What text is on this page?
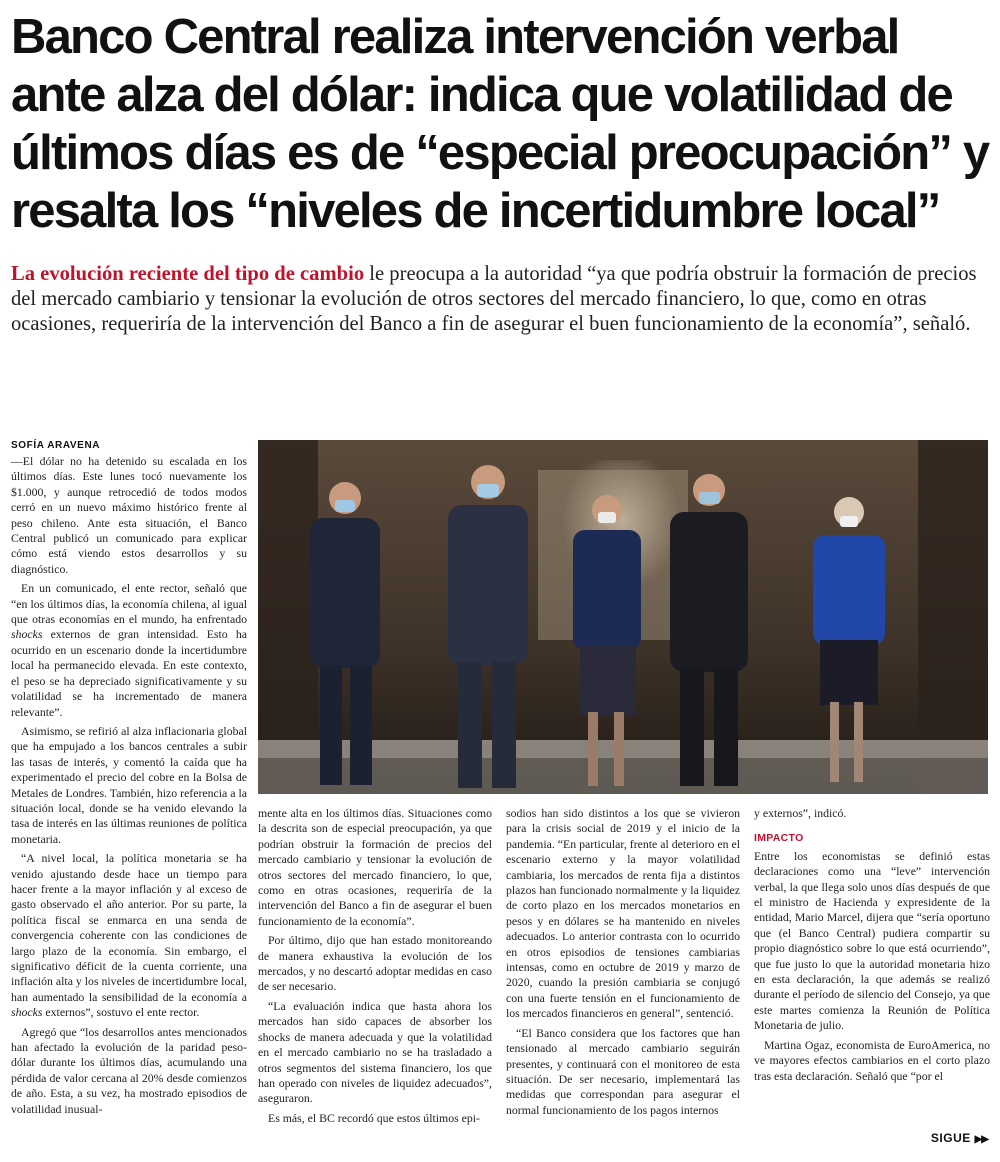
Banco Central realiza intervención verbal
ante alza del dólar: indica que volatilidad de
últimos días es de “especial preocupación” y
resalta los “niveles de incertidumbre local”

La evolución reciente del tipo de cambio le preocupa a la autoridad “ya que podría obstruir la formación de precios del mercado cambiario y tensionar la evolución de otros sectores del mercado financiero, lo que, como en otras ocasiones, requeriría de la intervención del Banco a fin de asegurar el buen funcionamiento de la economía”, señaló.

SOFÍA ARAVENA

—El dólar no ha detenido su escalada en los últimos días. Este lunes tocó nuevamente los $1.000, y aunque retrocedió de todos modos cerró en un nuevo máximo histórico frente al peso chileno. Ante esta situación, el Banco Central publicó un comunicado para explicar cómo está viendo estos desarrollos y su diagnóstico.

En un comunicado, el ente rector, señaló que “en los últimos días, la economía chilena, al igual que otras economías en el mundo, ha enfrentado shocks externos de gran intensidad. Esto ha ocurrido en un escenario donde la incertidumbre local ha permanecido elevada. En este contexto, el peso se ha depreciado significativamente y su volatilidad se ha incrementado de manera relevante”.

Asimismo, se refirió al alza inflacionaria global que ha empujado a los bancos centrales a subir las tasas de interés, y comentó la caída que ha experimentado el precio del cobre en la Bolsa de Metales de Londres. También, hizo referencia a la situación local, donde se ha venido elevando la tasa de interés en las últimas reuniones de política monetaria.

“A nivel local, la política monetaria se ha venido ajustando desde hace un tiempo para hacer frente a la mayor inflación y al exceso de gasto observado el año anterior. Por su parte, la política fiscal se enmarca en una senda de convergencia coherente con las condiciones de largo plazo de la economía. Sin embargo, el significativo déficit de la cuenta corriente, una inflación alta y los niveles de incertidumbre local, han aumentado la sensibilidad de la economía a shocks externos”, sostuvo el ente rector.

Agregó que “los desarrollos antes mencionados han afectado la evolución de la paridad peso-dólar durante los últimos días, acumulando una pérdida de valor cercana al 20% desde comienzos de año. Esta, a su vez, ha mostrado episodios de volatilidad inusual-

mente alta en los últimos días. Situaciones como la descrita son de especial preocupación, ya que podrían obstruir la formación de precios del mercado cambiario y tensionar la evolución de otros sectores del mercado financiero, lo que, como en otras ocasiones, requeriría de la intervención del Banco a fin de asegurar el buen funcionamiento de la economía”.

Por último, dijo que han estado monitoreando de manera exhaustiva la evolución de los mercados, y no descartó adoptar medidas en caso de ser necesario.

“La evaluación indica que hasta ahora los mercados han sido capaces de absorber los shocks de manera adecuada y que la volatilidad en el mercado cambiario no se ha trasladado a otros segmentos del sistema financiero, los que han operado con niveles de liquidez adecuados”, aseguraron.

Es más, el BC recordó que estos últimos epi-

sodios han sido distintos a los que se vivieron para la crisis social de 2019 y el inicio de la pandemia. “En particular, frente al deterioro en el escenario externo y la mayor volatilidad cambiaria, los mercados de renta fija a distintos plazos han funcionado normalmente y la liquidez de corto plazo en los mercados monetarios en pesos y en dólares se ha mantenido en niveles adecuados. Lo anterior contrasta con lo ocurrido en otros episodios de tensiones cambiarias intensas, como en octubre de 2019 y marzo de 2020, cuando la presión cambiaria se conjugó con una fuerte tensión en el funcionamiento de los mercados financieros en general”, sentenció.

“El Banco considera que los factores que han tensionado al mercado cambiario seguirán presentes, y continuará con el monitoreo de esta situación. De ser necesario, implementará las medidas que correspondan para asegurar el normal funcionamiento de los pagos internos

y externos”, indicó.

IMPACTO

Entre los economistas se definió estas declaraciones como una “leve” intervención verbal, la que llega solo unos días después de que el ministro de Hacienda y expresidente de la entidad, Mario Marcel, dijera que “sería oportuno que (el Banco Central) pudiera compartir su propio diagnóstico sobre lo que está ocurriendo”, que fue justo lo que la autoridad monetaria hizo en esta declaración, la que además se realizó durante el período de silencio del Consejo, ya que este martes comienza la Reunión de Política Monetaria de julio.

Martina Ogaz, economista de EuroAmerica, no ve mayores efectos cambiarios en el corto plazo tras esta declaración. Señaló que “por el

SIGUE ▶▶
